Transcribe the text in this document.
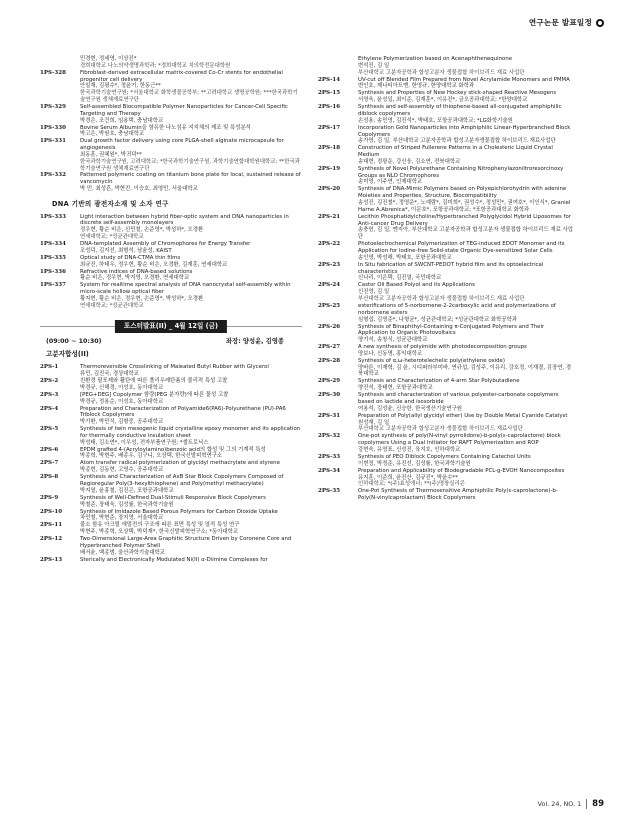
연구논문 발표일정
민경현, 정세영, 이상진*
경희대학교 나노의약생명과학과; *경희대학교 치의학전문대학원
1PS-328	Fibroblast-derived extracellular matrix-covered Co-Cr stents for endothelial progenitor cell delivery
안일재, 김평수*, 정윤기, 한동근**
한국과학기술연구원; *서울대학교 화학생물공학부; **고려대학교 생명공학원; ***한국과학기술연구원 생체재료연구단
1PS-329	Self-assembled Biocompatible Polymer Nanoparticles for Cancer-Cell Specific Targeting and Therapy
박경은, 조건희, 임용택, 충남대학교
1PS-330	Bovine Serum Albumin을 함유한 나노섬유 지지체의 제조 및 특성분석
박고은, 박원호, 충남대학교
1PS-331	Dual growth factor delivery using core PLGA-shell alginate microcapsule for angiogenesis
최동훈, 권혜원*, 박귀덕**
한국과학기술연구원, 고려대학교; *한국과학기술연구원, 과학기술연합대학원대학교; **한국과학기술연구원 생체재료연구단
1PS-332	Patterned polymeric coating on titanium bone plate for local, sustained release of vancomycin
박 민, 최성흔, 박현진, 이승호, 최영민, 서울대학교
DNA 기반의 광전자소재 및 소자 연구
1PS-333	Light interaction between hybrid fiber-optic system and DNA nanoparticles in discrete self-assembly monolayers
정우현, 황순 비은, 신민철, 손준영*, 박성하*, 오경환
연세대학교; *성균관대학교
1PS-334	DNA-templated Assembly of Chromophores for Energy Transfer
조성덕, 김지선, 최형석, 남윤성, KAIST
1PS-335	Optical study of DNA-CTMA thin films
최규진, 하태우, 정우현, 황순 비은, 오경환, 김재훈, 연세대학교
1PS-336	Refractive indices of DNA-based solutions
황순 비은, 정우현, 박지영, 오경환, 연세대학교
1PS-337	System for realtime spectral analysis of DNA nanocrystal self-assembly within micro-scale hollow optical fiber
황지현, 황순 비은, 정우현, 손준영*, 박성하*, 오경환
연세대학교; *성균관대학교
포스터발표(II) _ 4월 12일 (금)
(09:00 ~ 10:30)	좌장: 양성윤, 김영종
고분자합성(II)
2PS-1	Thermoreversible Crosslinking of Maleated Butyl Rubber with Glycerol
류민, 김진국, 경상대학교
2PS-2	친환경 팔포제와 활탄에 따른 폴리우레탄폼의 물리적 특성 고찰
박경규, 신해경, 이성호, 동아대학교
2PS-3	[PEG+DEG] Copolymer 함량(PEG 분자량)에 따른 물성 고찰
박경규, 정용순, 이성호, 동아대학교
2PS-4	Preparation and Characterization of Polyamide6(PA6)-Polyurethane (PU)-PA6 Triblock Copolymers
박기환, 박민식, 김형중, 공주대학교
2PS-5	Synthesis of twin mesogenic liquid crystalline epoxy monomer and its application for thermally conductive insulation sheet
박성태, 김소연*, 이우성, 전자부품연구원; *셀트로닉스
2PS-6	EPDM grafted 4-(Acryloylamino)benzoic acid의 합성 및 그의 기계적 특성
박종혁, 박현주, 배종우, 김구니, 오상택, 한국신발피혁연구소
2PS-7	Atom transfer radical polymerization of glycidyl methacrylate and styrene
박종현, 김동현, 고영수, 공주대학교
2PS-8	Synthesis and Characterization of AxB Star Block Copolymers Composed of Regioregular Poly(3-hexylthiophene) and Poly(methyl methacrylate)
박지열, 윤홍철, 김진곤, 포항공과대학교
2PS-9	Synthesis of Well-Defined Dual-Stimuli Responsive Block Copolymers
박철준, 장태욱, 김성률, 한국과학기술원
2PS-10	Synthesis of Imidazole Based Porous Polymers for Carbon Dioxide Uptake
차민철, 박현준, 장지영, 서울대학교
2PS-11	불소 함유 아크릴 에멀전의 구조에 따른 표면 특성 및 열적 특성 연구
박현주, 박종혁, 오상택, 박덕재*, 한국신발피혁연구소; *동아대학교
2PS-12	Two-Dimensional Large-Area Graphitic Structure Driven by Coronene Core and Hyperbranched Polymer Shell
배서윤, 백종범, 울산과학기술대학교
2PS-13	Sterically and Electronically Modulated Ni(II) α-Diimine Complexes for
Ethylene Polymerization based on Acenaphthenequinone
변석진, 김 일
부산대학교 고분자공학과 합성고분자 생물접합 하이브리드 재료 사업단
2PS-14	UV-cut off Blended Film Prepared from Novel Acrylamide Monomers and PMMA
변인호, 제나티아트멘, 한영규, 한양대학교 화학과
2PS-15	Synthesis and Properties of New Hockey stick-shaped Reactive Mesogens
서영욱, 윤성일, 최이준, 김재훈*, 이유진*, 금오공과대학교; *한양대학교
2PS-16	Synthesis and self-assembly of thiophene-based all-conjugated amphiphilic diblock copolymers
손성용, 송민영, 김진석*, 박태호, 포항공과대학교; *LG화학기술원
2PS-17	Incorporation Gold Nanoparticles into Amphiphilic Linear-Hyperbranched Block Copolymers
송가영, 김 일, 부산대학교 고분자공학과 합성고분자생물접합 하이브리드 재료사업단
2PS-18	Construction of Striped Fullerene Patterns in a Cholesteric Liquid Crystal Medium
송대현, 정광운, 강신웅, 김소연, 전북대학교
2PS-19	Synthesis of Novel Polyurethane Containing Nitrophenylazoniltroresorcinoxy Groups as NLO Chromophores
송미영, 이주연, 인제대학교
2PS-20	Synthesis of DNA-Mimic Polymers based on Polyepichlorohydrin with adenine Moieties and Properties, Structure, Biocompatibility
송성진, 김진철*, 정영운*, 노예람*, 김미희*, 권성수*, 정성민*, 권여호*, 이인식*, Graniel Harne A.Abrenica*, 이문호*, 포항공과대학교; *포항공과대학교 화학과
2PS-21	Lecithin Phosphatidylcholine/Hyperbranched Polyglycidol Hybrid Liposomes for Anti-cancer Drug Delivery
송충헌, 김 일, 멘지아, 부산대학교 고분자공학과 합성고분자 생물접합 하이브리드 재료 사업단
2PS-22	Photoelectrochemical Polymerization of TEG-induced EDOT Monomer and its Application for Iodine-free Solid-state Organic Dye-sensitized Solar Cells
송인영, 박성해, 박태호, 포항공과대학교
2PS-23	In Situ fabrication of SWCNT-PEDOT hybrid film and its optoelectrical characteristics
신나리, 이은택, 김진열, 국민대학교
2PS-24	Castor Oil Based Polyol and its Applications
신진영, 김 일
부산대학교 고분자공학과 합성고분자 생물접합 하이브리드 재료 사업단
2PS-25	esterifications of 5-norbornene-2-2carboxylic acid and polymerizations of norbornene esters
심형섭, 김영준*, 나형균*, 성균관대학교; *성균관대학교 화학공학과
2PS-26	Synthesis of Binaphthyl-Containing π-Conjugated Polymers and Their Application to Organic Photovoltaics
양기석, 송창식, 성균관대학교
2PS-27	A new synthesis of polyimide with photodecomposition groups
양보나, 신동명, 홍익대학교
2PS-28	Synthesis of α,ω-heterotelechelic poly(ethylene oxide)
양바른, 이재혁, 김 윤, 시디퍼라부미바, 연규섭, 김성주, 이유리, 강호정, 이재결, 김장연, 경북대학교
2PS-29	Synthesis and Characterization of 4-arm Star Polybutadiene
양진석, 장태현, 포항공과대학교
2PS-30	Synthesis and characterization of various polyester-carbonate copolymers based on lactide and isosorbide
여용석, 김성윤, 신승한, 한국생산기술연구원
2PS-31	Preparation of Poly(allyl glycidyl ether) Use by Double Metal Cyanide Catalyst
원성재, 김 일
부산대학교 고분자공학과 합성고분자 생물접합 하이브리드 재료사업단
2PS-32	One-pot synthesis of poly(N-vinyl pyrrolidone)-b-poly(ε-caprolactone) block copolymers Using a Dual Initiator for RAFT Polymerization and ROP
강현숙, 유영표, 신성진, 육지호, 인하대학교
2PS-33	Synthesis of PEO Diblock Copolymers Containing Catechol Units
이현정, 박정준, 유진선, 김성률, 한국과학기술원
2PS-34	Preparation and Applicability of Biodegradable PCL-g-EVOH Nanocomposites
유지훈, 이준희, 윤진산, 김규진*, 박윤수**
인하대학교; *(주)효성에너; **(주)명창실리콘
2PS-35	One-Pot Synthesis of Thermosensitive Amphiphilic Poly(ε-caprolactone)-b-Poly(N-vinylcaprolactam) Block Copolymers
Vol. 24, NO. 1 89
